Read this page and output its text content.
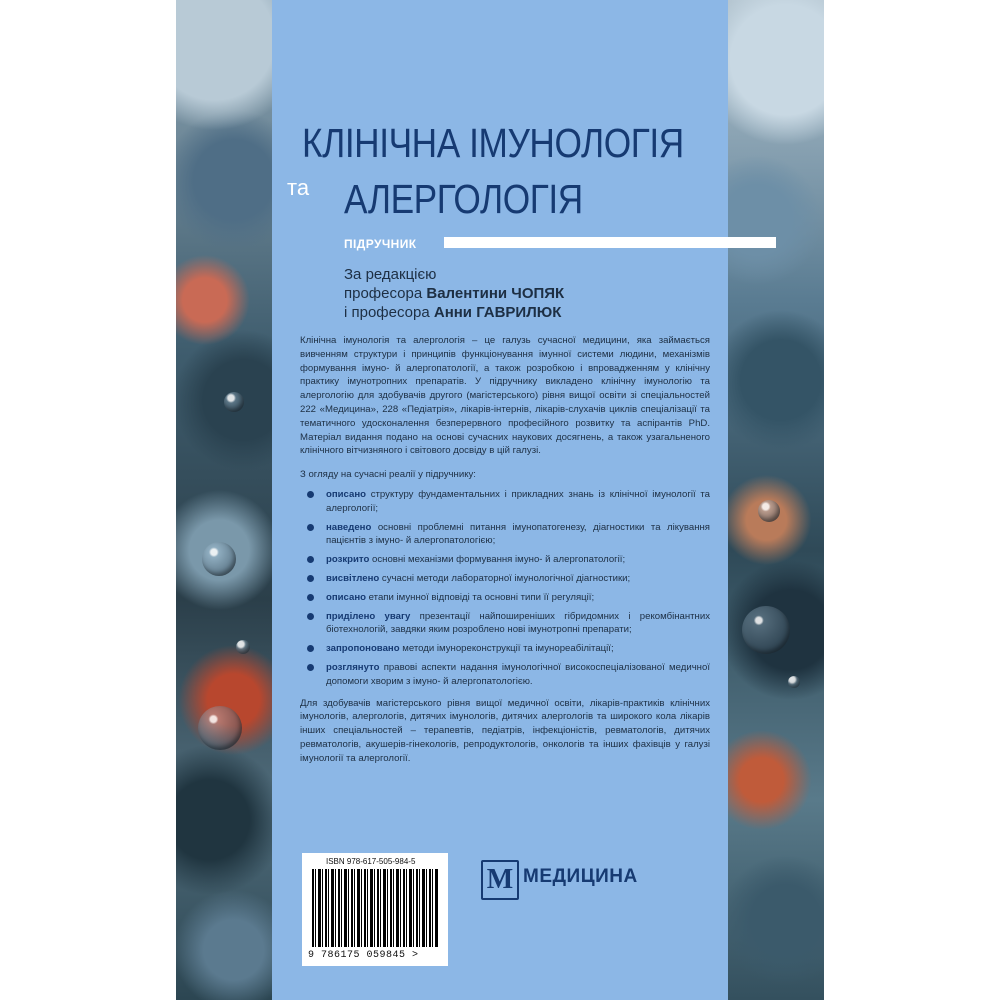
КЛІНІЧНА ІМУНОЛОГІЯ
та АЛЕРГОЛОГІЯ
ПІДРУЧНИК
За редакцією
професора Валентини ЧОПЯК
і професора Анни ГАВРИЛЮК

Клінічна імунологія та алергологія – це галузь сучасної медицини, яка займається вивченням структури і принципів функціонування імунної системи людини, механізмів формування імуно- й алергопатології, а також розробкою і впровадженням у клінічну практику імунотропних препаратів. У підручнику викладено клінічну імунологію та алергологію для здобувачів другого (магістерського) рівня вищої освіти зі спеціальностей 222 «Медицина», 228 «Педіатрія», лікарів-інтернів, лікарів-слухачів циклів спеціалізації та тематичного удосконалення безперервного професійного розвитку та аспірантів PhD. Матеріал видання подано на основі сучасних наукових досягнень, а також узагальненого клінічного вітчизняного і світового досвіду в цій галузі.

З огляду на сучасні реалії у підручнику:

описано структуру фундаментальних і прикладних знань із клінічної імунології та алергології;
наведено основні проблемні питання імунопатогенезу, діагностики та лікування пацієнтів з імуно- й алергопатологією;
розкрито основні механізми формування імуно- й алергопатології;
висвітлено сучасні методи лабораторної імунологічної діагностики;
описано етапи імунної відповіді та основні типи її регуляції;
приділено увагу презентації найпоширеніших гібридомних і рекомбінантних біотехнологій, завдяки яким розроблено нові імунотропні препарати;
запропоновано методи імунореконструкції та імунореабілітації;
розглянуто правові аспекти надання імунологічної високоспеціалізованої медичної допомоги хворим з імуно- й алергопатологією.

Для здобувачів магістерського рівня вищої медичної освіти, лікарів-практиків клінічних імунологів, алергологів, дитячих імунологів, дитячих алергологів та широкого кола лікарів інших спеціальностей – терапевтів, педіатрів, інфекціоністів, ревматологів, дитячих ревматологів, акушерів-гінекологів, репродуктологів, онкологів та інших фахівців у галузі імунології та алергології.

ISBN 978-617-505-984-5
9 786175 059845 >
М МЕДИЦИНА
